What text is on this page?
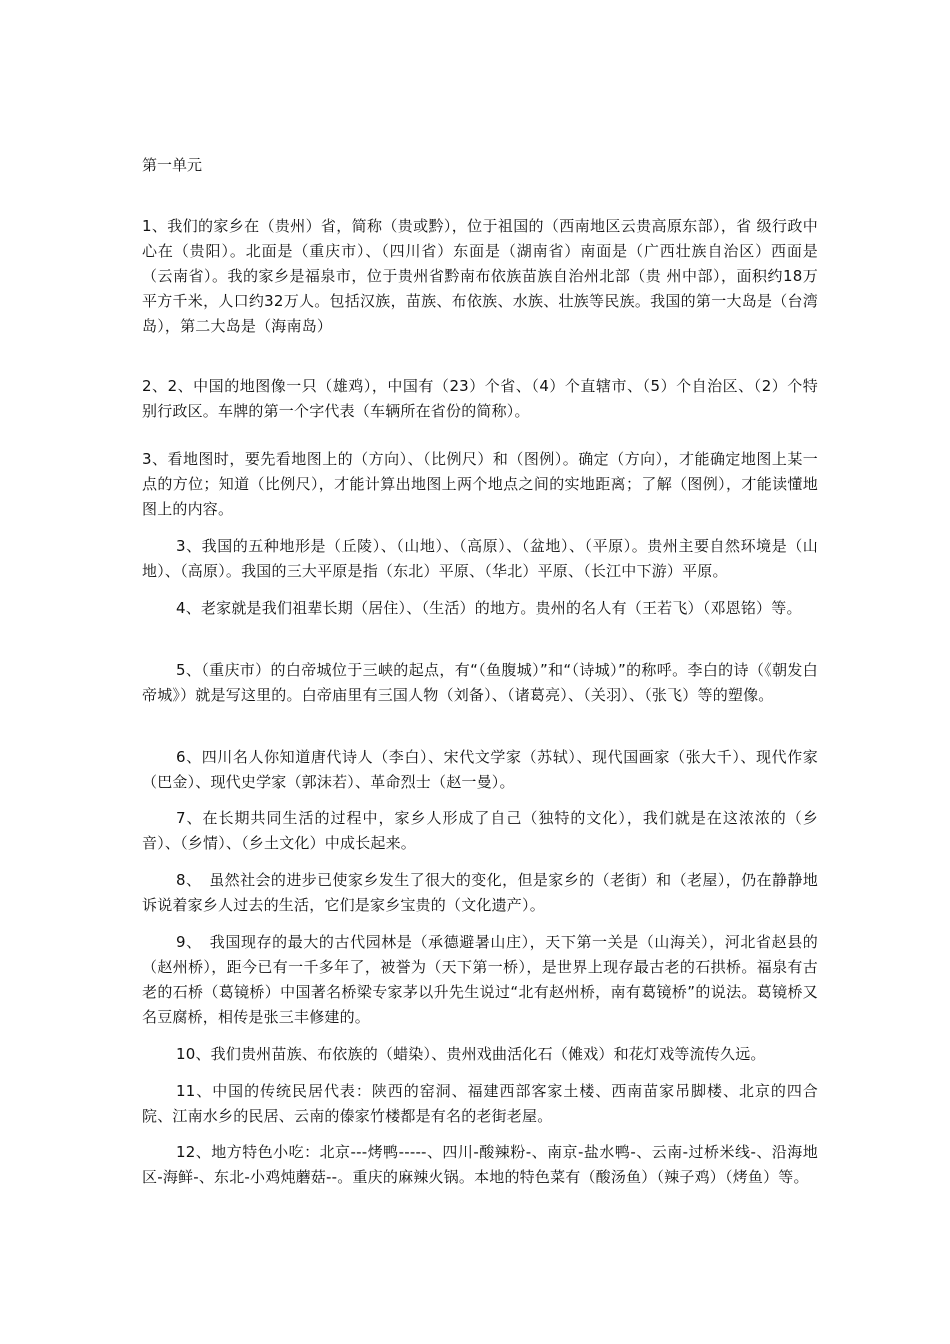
第一单元
1、我们的家乡在（贵州）省，简称（贵或黔），位于祖国的（西南地区云贵高原东部），省 级行政中心在（贵阳）。北面是（重庆市）、（四川省）东面是（湖南省）南面是（广西壮族自治区）西面是（云南省）。我的家乡是福泉市，位于贵州省黔南布依族苗族自治州北部（贵 州中部），面积约18万平方千米，人口约32万人。包括汉族，苗族、布依族、水族、壮族等民族。我国的第一大岛是（台湾岛），第二大岛是（海南岛）
2、2、中国的地图像一只（雄鸡），中国有（23）个省、（4）个直辖市、（5）个自治区、（2）个特别行政区。车牌的第一个字代表（车辆所在省份的简称）。
3、看地图时，要先看地图上的（方向）、（比例尺）和（图例）。确定（方向），才能确定地图上某一点的方位；知道（比例尺），才能计算出地图上两个地点之间的实地距离；了解（图例），才能读懂地图上的内容。
3、我国的五种地形是（丘陵）、（山地）、（高原）、（盆地）、（平原）。贵州主要自然环境是（山地）、（高原）。我国的三大平原是指（东北）平原、（华北）平原、（长江中下游）平原。
4、老家就是我们祖辈长期（居住）、（生活）的地方。贵州的名人有（王若飞）（邓恩铭）等。
5、（重庆市）的白帝城位于三峡的起点，有“（鱼腹城）”和“（诗城）”的称呼。李白的诗（《朝发白帝城》）就是写这里的。白帝庙里有三国人物（刘备）、（诸葛亮）、（关羽）、（张飞）等的塑像。
6、四川名人你知道唐代诗人（李白）、宋代文学家（苏轼）、现代国画家（张大千）、现代作家（巴金）、现代史学家（郭沫若）、革命烈士（赵一曼）。
7、在长期共同生活的过程中，家乡人形成了自己（独特的文化），我们就是在这浓浓的（乡音）、（乡情）、（乡土文化）中成长起来。
8、　虽然社会的进步已使家乡发生了很大的变化，但是家乡的（老街）和（老屋），仍在静静地诉说着家乡人过去的生活，它们是家乡宝贵的（文化遗产）。
9、　我国现存的最大的古代园林是（承德避暑山庄），天下第一关是（山海关），河北省赵县的（赵州桥），距今已有一千多年了，被誉为（天下第一桥），是世界上现存最古老的石拱桥。福泉有古老的石桥（葛镜桥）中国著名桥梁专家茅以升先生说过“北有赵州桥，南有葛镜桥”的说法。葛镜桥又名豆腐桥，相传是张三丰修建的。
10、我们贵州苗族、布依族的（蜡染）、贵州戏曲活化石（傩戏）和花灯戏等流传久远。
11、中国的传统民居代表：陕西的窑洞、福建西部客家土楼、西南苗家吊脚楼、北京的四合院、江南水乡的民居、云南的傣家竹楼都是有名的老街老屋。
12、地方特色小吃：北京---烤鸭-----、四川-酸辣粉-、南京-盐水鸭-、云南-过桥米线-、沿海地区-海鲜-、东北-小鸡炖蘑菇--。重庆的麻辣火锅。本地的特色菜有（酸汤鱼）（辣子鸡）（烤鱼）等。
